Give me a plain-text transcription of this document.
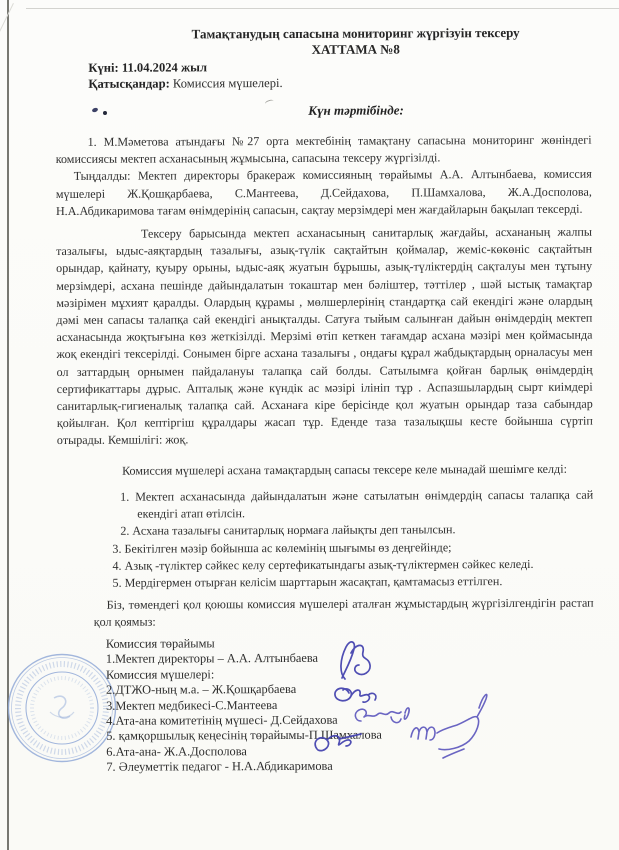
Тамақтанудың сапасына мониторинг жүргізуін тексеру
ХАТТАМА №8
Күні: 11.04.2024 жыл
Қатысқандар: Комиссия мүшелері.
Күн тәртібінде:

1. М.Мәметова атындағы №27 орта мектебінің тамақтану сапасына мониторинг жөніндегі комиссиясы мектеп асханасының жұмысына, сапасына тексеру жүргізілді.

Тыңдалды: Мектеп директоры бракераж комиссияның төрайымы А.А. Алтынбаева, комиссия мүшелері Ж.Қошқарбаева, С.Мантеева, Д.Сейдахова, П.Шамхалова, Ж.А.Досполова, Н.А.Абдикаримова тағам өнімдерінің сапасын, сақтау мерзімдері мен жағдайларын бақылап тексерді.

Тексеру барысында мектеп асханасының санитарлық жағдайы, асхананың жалпы тазалығы, ыдыс-аяқтардың тазалығы, азық-түлік сақтайтын қоймалар, жеміс-көкөніс сақтайтын орындар, қайнату, қуыру орыны, ыдыс-аяқ жуатын бұрышы, азық-түліктердің сақталуы мен тұтыну мерзімдері, асхана пешінде дайындалатын токаштар мен бәліштер, тәттілер , шәй ыстық тамақтар мәзірімен мұхият қаралды. Олардың құрамы , мөлшерлерінің стандартқа сай екендігі және олардың дәмі мен сапасы талапқа сай екендігі анықталды. Сатуға тыйым салынған дайын өнімдердің мектеп асханасында жоқтығына көз жеткізілді. Мерзімі өтіп кеткен тағамдар асхана мәзірі мен қоймасында жоқ екендігі тексерілді. Сонымен бірге асхана тазалығы , ондағы құрал жабдықтардың орналасуы мен ол заттардың орнымен пайдалануы талапқа сай болды. Сатылымға қойған барлық өнімдердің сертификаттары дұрыс. Апталық және күндік ас мәзірі ілініп тұр . Аспазшылардың сырт киімдері санитарлық-гигиеналық талапқа сай. Асханаға кіре берісінде қол жуатын орындар таза сабындар қойылған. Қол кептіргіш құралдары жасап тұр. Еденде таза тазалықшы кесте бойынша сүртіп отырады. Кемшілігі: жоқ.

Комиссия мүшелері асхана тамақтардың сапасы тексере келе мынадай шешімге келді:

1. Мектеп асханасында дайындалатын және сатылатын өнімдердің сапасы талапқа сай екендігі атап өтілсін.
2. Асхана тазалығы санитарлық нормаға лайықты деп танылсын.
3. Бекітілген мәзір бойынша ас көлемінің шығымы өз деңгейінде;
4. Азық -түліктер сәйкес келу сертефикатындагы азық-түліктермен сәйкес келеді.
5. Мердігермен отырған келісім шарттарын жасақтап, қамтамасыз еттілген.

Біз, төмендегі қол қоюшы комиссия мүшелері аталған жұмыстардың жүргізілгендігін растап қол қоямыз:

Комиссия төрайымы
1.Мектеп директоры – А.А. Алтынбаева
Комиссия мүшелері:
2.ДТЖО-ның м.а. – Ж.Қошқарбаева
3.Мектеп медбикесі-С.Мантеева
4.Ата-ана комитетінің мүшесі- Д.Сейдахова
5. қамқоршылық кеңесінің төрайымы-П.Шамхалова
6.Ата-ана- Ж.А.Досполова
7. Әлеуметтік педагог - Н.А.Абдикаримова
